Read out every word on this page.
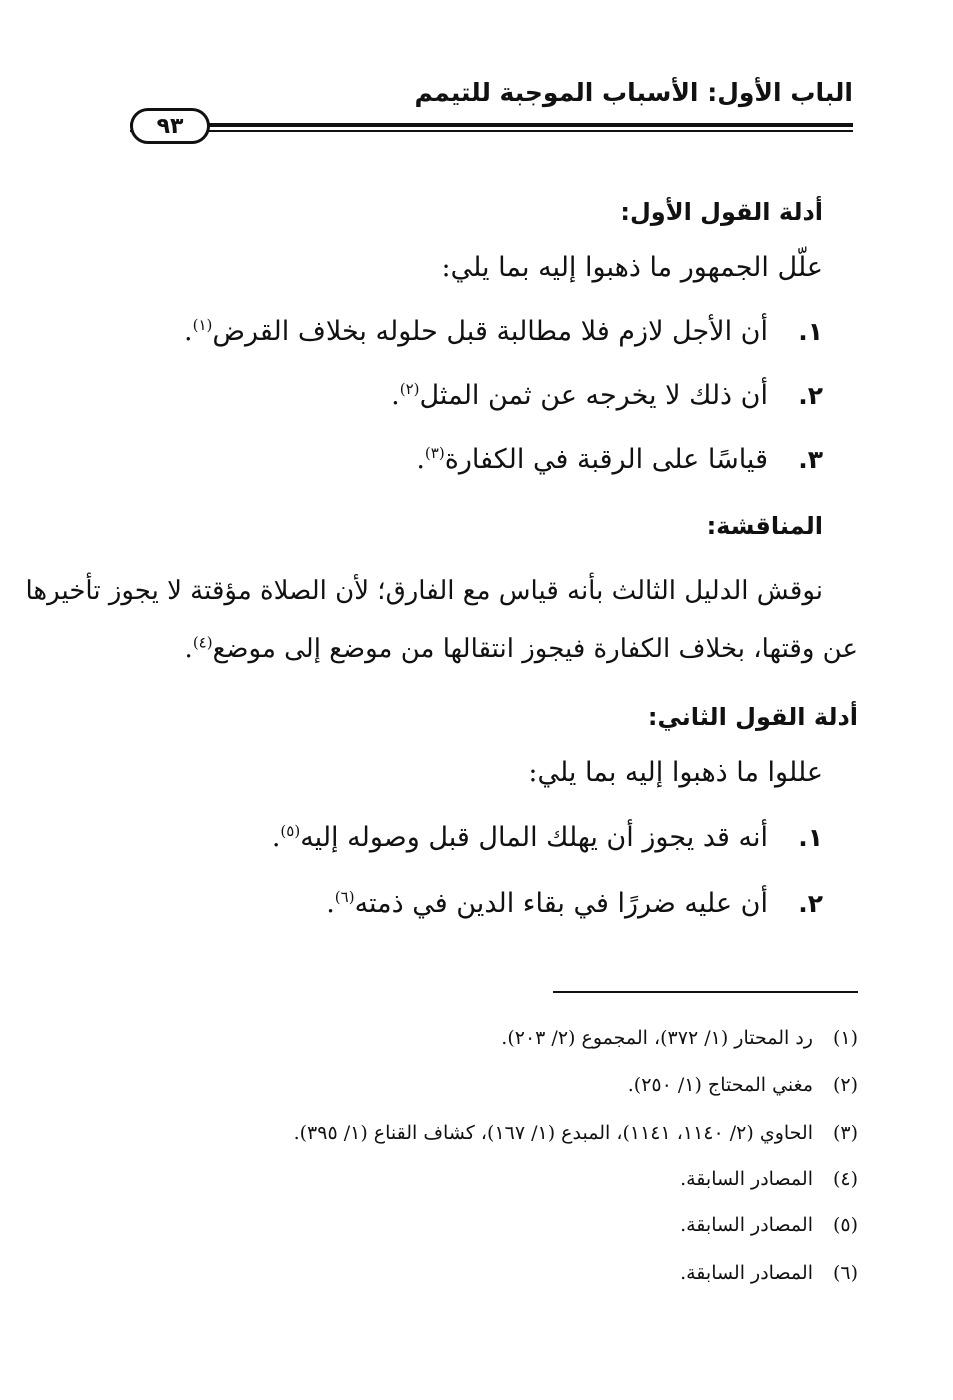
الباب الأول: الأسباب الموجبة للتيمم
٩٣
أدلة القول الأول:
علّل الجمهور ما ذهبوا إليه بما يلي:
١.أن الأجل لازم فلا مطالبة قبل حلوله بخلاف القرض$^{(١)}$.
٢.أن ذلك لا يخرجه عن ثمن المثل$^{(٢)}$.
٣.قياسًا على الرقبة في الكفارة$^{(٣)}$.
المناقشة:
نوقش الدليل الثالث بأنه قياس مع الفارق؛ لأن الصلاة مؤقتة لا يجوز تأخيرها
عن وقتها، بخلاف الكفارة فيجوز انتقالها من موضع إلى موضع$^{(٤)}$.
أدلة القول الثاني:
عللوا ما ذهبوا إليه بما يلي:
١.أنه قد يجوز أن يهلك المال قبل وصوله إليه$^{(٥)}$.
٢.أن عليه ضررًا في بقاء الدين في ذمته$^{(٦)}$.
(١)رد المحتار (١/ ٣٧٢)، المجموع (٢/ ٢٠٣).
(٢)مغني المحتاج (١/ ٢٥٠).
(٣)الحاوي (٢/ ١١٤٠، ١١٤١)، المبدع (١/ ١٦٧)، كشاف القناع (١/ ٣٩٥).
(٤)المصادر السابقة.
(٥)المصادر السابقة.
(٦)المصادر السابقة.
